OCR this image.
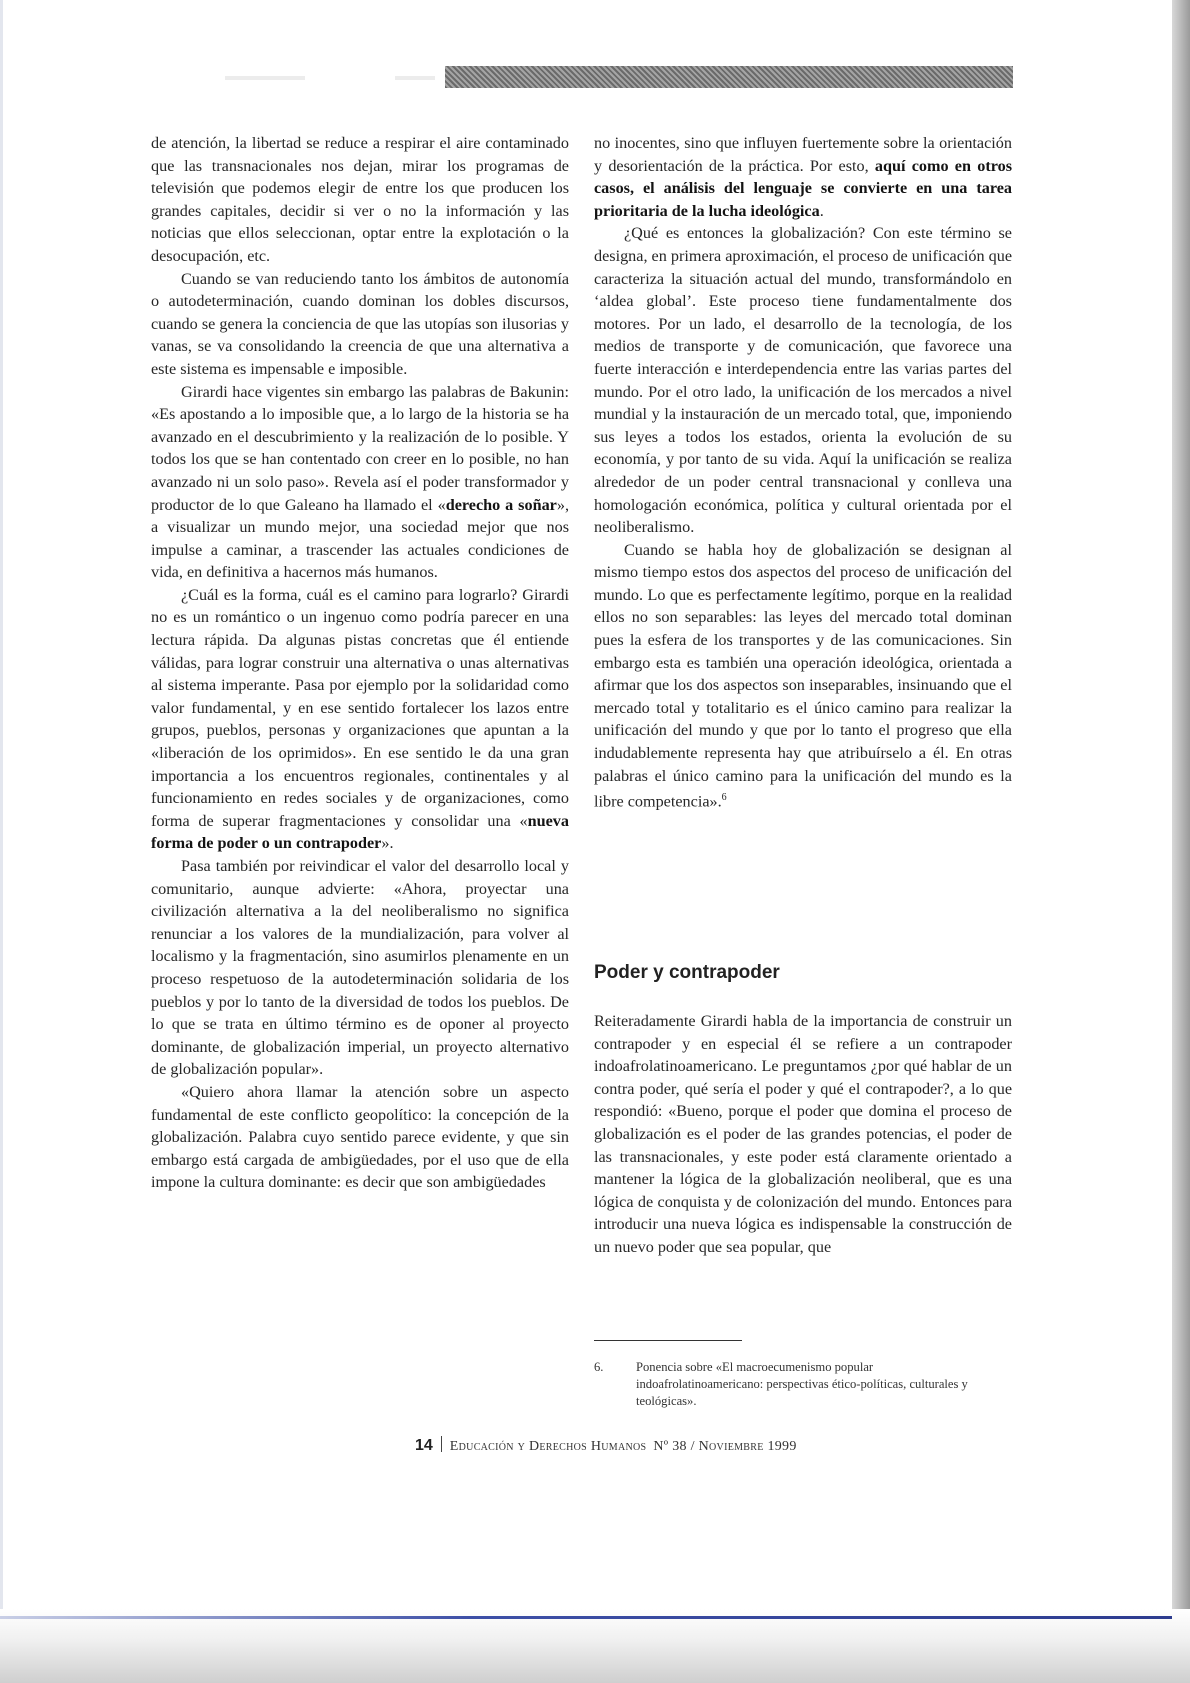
de atención, la libertad se reduce a respirar el aire contaminado que las transnacionales nos dejan, mirar los programas de televisión que podemos elegir de entre los que producen los grandes capitales, decidir si ver o no la información y las noticias que ellos seleccionan, optar entre la explotación o la desocupación, etc.

Cuando se van reduciendo tanto los ámbitos de autonomía o autodeterminación, cuando dominan los dobles discursos, cuando se genera la conciencia de que las utopías son ilusorias y vanas, se va consolidando la creencia de que una alternativa a este sistema es impensable e imposible.

Girardi hace vigentes sin embargo las palabras de Bakunin: «Es apostando a lo imposible que, a lo largo de la historia se ha avanzado en el descubrimiento y la realización de lo posible. Y todos los que se han contentado con creer en lo posible, no han avanzado ni un solo paso». Revela así el poder transformador y productor de lo que Galeano ha llamado el «derecho a soñar», a visualizar un mundo mejor, una sociedad mejor que nos impulse a caminar, a trascender las actuales condiciones de vida, en definitiva a hacernos más humanos.

¿Cuál es la forma, cuál es el camino para lograrlo? Girardi no es un romántico o un ingenuo como podría parecer en una lectura rápida. Da algunas pistas concretas que él entiende válidas, para lograr construir una alternativa o unas alternativas al sistema imperante. Pasa por ejemplo por la solidaridad como valor fundamental, y en ese sentido fortalecer los lazos entre grupos, pueblos, personas y organizaciones que apuntan a la «liberación de los oprimidos». En ese sentido le da una gran importancia a los encuentros regionales, continentales y al funcionamiento en redes sociales y de organizaciones, como forma de superar fragmentaciones y consolidar una «nueva forma de poder o un contrapoder».

Pasa también por reivindicar el valor del desarrollo local y comunitario, aunque advierte: «Ahora, proyectar una civilización alternativa a la del neoliberalismo no significa renunciar a los valores de la mundialización, para volver al localismo y la fragmentación, sino asumirlos plenamente en un proceso respetuoso de la autodeterminación solidaria de los pueblos y por lo tanto de la diversidad de todos los pueblos. De lo que se trata en último término es de oponer al proyecto dominante, de globalización imperial, un proyecto alternativo de globalización popular».

«Quiero ahora llamar la atención sobre un aspecto fundamental de este conflicto geopolítico: la concepción de la globalización. Palabra cuyo sentido parece evidente, y que sin embargo está cargada de ambigüedades, por el uso que de ella impone la cultura dominante: es decir que son ambigüedades

no inocentes, sino que influyen fuertemente sobre la orientación y desorientación de la práctica. Por esto, aquí como en otros casos, el análisis del lenguaje se convierte en una tarea prioritaria de la lucha ideológica.

¿Qué es entonces la globalización? Con este término se designa, en primera aproximación, el proceso de unificación que caracteriza la situación actual del mundo, transformándolo en ‘aldea global’. Este proceso tiene fundamentalmente dos motores. Por un lado, el desarrollo de la tecnología, de los medios de transporte y de comunicación, que favorece una fuerte interacción e interdependencia entre las varias partes del mundo. Por el otro lado, la unificación de los mercados a nivel mundial y la instauración de un mercado total, que, imponiendo sus leyes a todos los estados, orienta la evolución de su economía, y por tanto de su vida. Aquí la unificación se realiza alrededor de un poder central transnacional y conlleva una homologación económica, política y cultural orientada por el neoliberalismo.

Cuando se habla hoy de globalización se designan al mismo tiempo estos dos aspectos del proceso de unificación del mundo. Lo que es perfectamente legítimo, porque en la realidad ellos no son separables: las leyes del mercado total dominan pues la esfera de los transportes y de las comunicaciones. Sin embargo esta es también una operación ideológica, orientada a afirmar que los dos aspectos son inseparables, insinuando que el mercado total y totalitario es el único camino para realizar la unificación del mundo y que por lo tanto el progreso que ella indudablemente representa hay que atribuírselo a él. En otras palabras el único camino para la unificación del mundo es la libre competencia».$^6$

Poder y contrapoder

Reiteradamente Girardi habla de la importancia de construir un contrapoder y en especial él se refiere a un contrapoder indoafrolatinoamericano. Le preguntamos ¿por qué hablar de un contra poder, qué sería el poder y qué el contrapoder?, a lo que respondió: «Bueno, porque el poder que domina el proceso de globalización es el poder de las grandes potencias, el poder de las transnacionales, y este poder está claramente orientado a mantener la lógica de la globalización neoliberal, que es una lógica de conquista y de colonización del mundo. Entonces para introducir una nueva lógica es indispensable la construcción de un nuevo poder que sea popular, que

6.	Ponencia sobre «El macroecumenismo popular indoafrolatinoamericano: perspectivas ético-políticas, culturales y teológicas».
14 Educación y Derechos Humanos Nº 38 / Noviembre 1999
